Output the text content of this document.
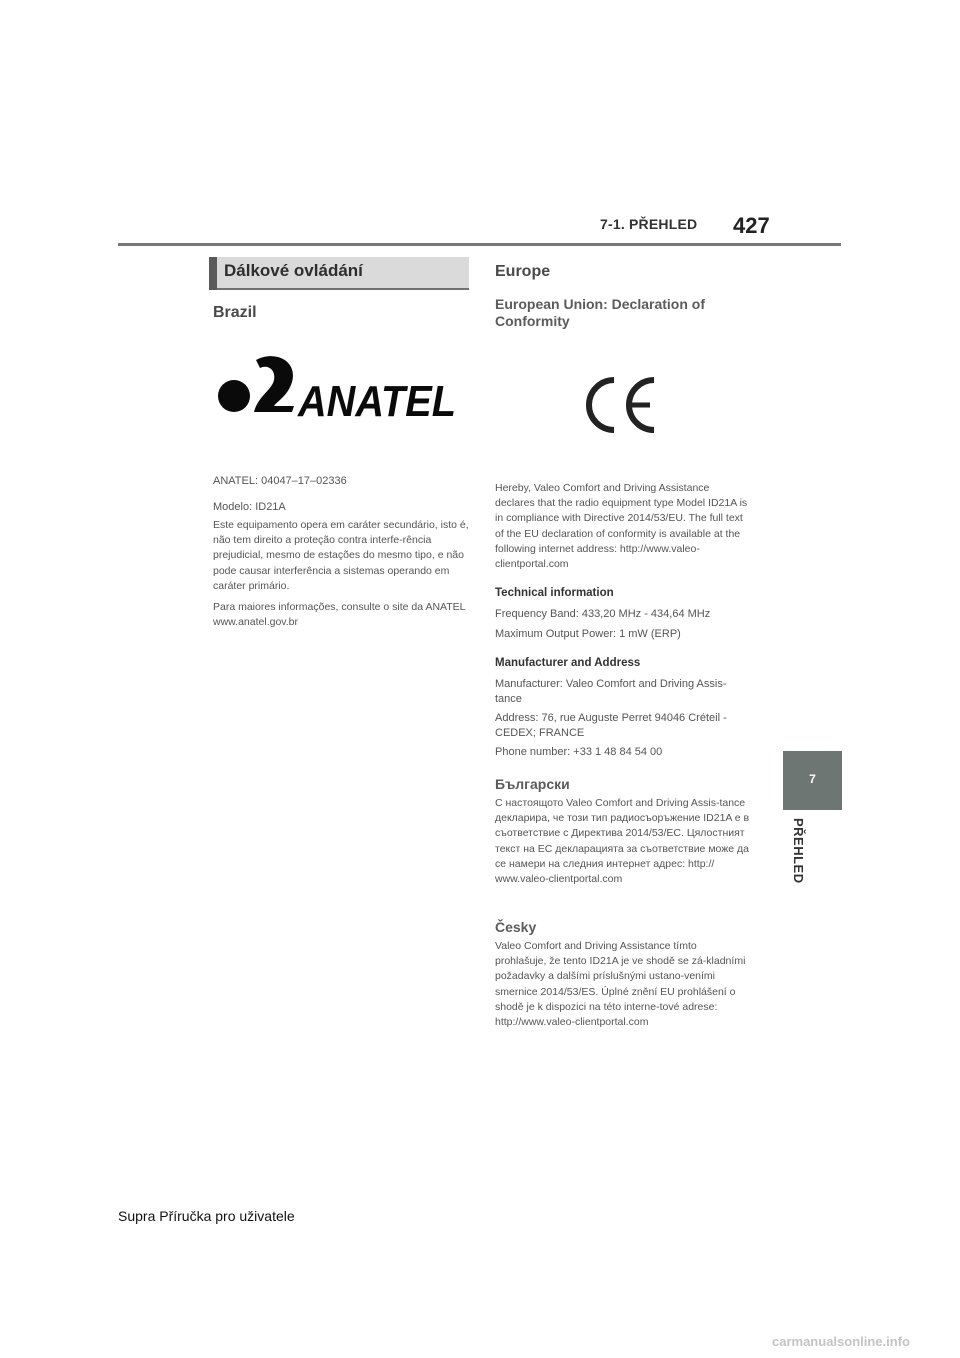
7-1. PŘEHLED 427
Dálkové ovládání
Brazil
ANATEL
ANATEL: 04047–17–02336
Modelo: ID21A
Este equipamento opera em caráter secundário, isto é, não tem direito a proteção contra interfe-rência prejudicial, mesmo de estações do mesmo tipo, e não pode causar interferência a sistemas operando em caráter primário.
Para maiores informações, consulte o site da ANATEL www.anatel.gov.br
Europe
European Union: Declaration of Conformity
Hereby, Valeo Comfort and Driving Assistance declares that the radio equipment type Model ID21A is in compliance with Directive 2014/53/EU. The full text of the EU declaration of conformity is available at the following internet address: http://www.valeo-clientportal.com
Technical information
Frequency Band: 433,20 MHz - 434,64 MHz
Maximum Output Power: 1 mW (ERP)
Manufacturer and Address
Manufacturer: Valeo Comfort and Driving Assis-tance
Address: 76, rue Auguste Perret 94046 Créteil - CEDEX; FRANCE
Phone number: +33 1 48 84 54 00
Български
С настоящото Valeo Comfort and Driving Assis-tance декларира, че този тип радиосъоръжение ID21A е в съответствие с Директива 2014/53/ЕС. Цялостният текст на ЕС декларацията за съответствие може да се намери на следния интернет адрес: http:// www.valeo-clientportal.com
Česky
Valeo Comfort and Driving Assistance tímto prohlašuje, že tento ID21A je ve shodě se zá-kladními požadavky a dalšími príslušnými ustano-veními smernice 2014/53/ES. Úplné znění EU prohlášení o shodě je k dispozici na této interne-tové adrese: http://www.valeo-clientportal.com
7
PŘEHLED
Supra Příručka pro uživatele
carmanualsonline.info
